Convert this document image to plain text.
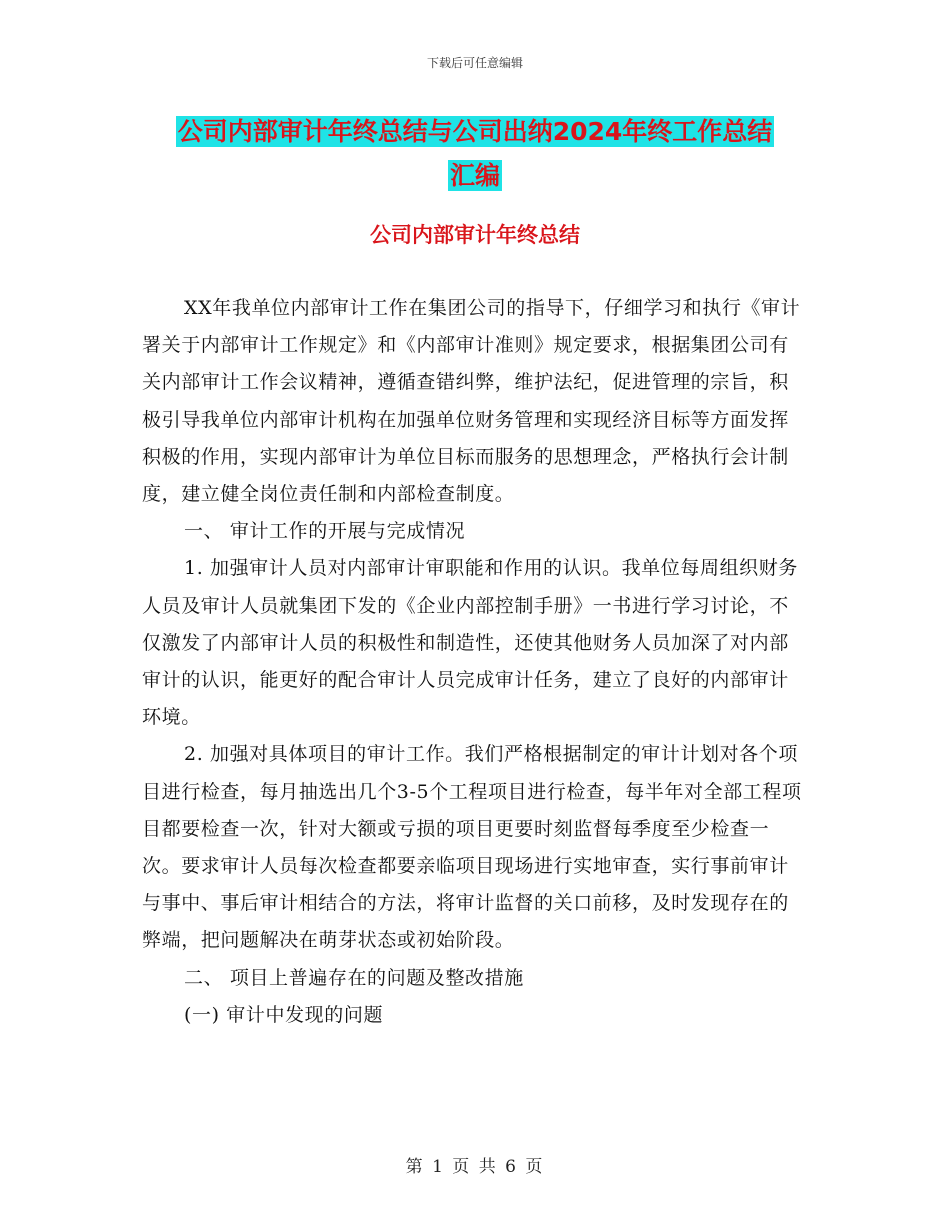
下载后可任意编辑
公司内部审计年终总结与公司出纳2024年终工作总结
汇编
公司内部审计年终总结

XX年我单位内部审计工作在集团公司的指导下，仔细学习和执行《审计署关于内部审计工作规定》和《内部审计准则》规定要求，根据集团公司有关内部审计工作会议精神，遵循查错纠弊，维护法纪，促进管理的宗旨，积极引导我单位内部审计机构在加强单位财务管理和实现经济目标等方面发挥积极的作用，实现内部审计为单位目标而服务的思想理念，严格执行会计制度，建立健全岗位责任制和内部检查制度。

一、 审计工作的开展与完成情况

1. 加强审计人员对内部审计审职能和作用的认识。我单位每周组织财务人员及审计人员就集团下发的《企业内部控制手册》一书进行学习讨论，不仅激发了内部审计人员的积极性和制造性，还使其他财务人员加深了对内部审计的认识，能更好的配合审计人员完成审计任务，建立了良好的内部审计环境。

2. 加强对具体项目的审计工作。我们严格根据制定的审计计划对各个项目进行检查，每月抽选出几个3-5个工程项目进行检查，每半年对全部工程项目都要检查一次，针对大额或亏损的项目更要时刻监督每季度至少检查一次。要求审计人员每次检查都要亲临项目现场进行实地审查，实行事前审计与事中、事后审计相结合的方法，将审计监督的关口前移，及时发现存在的弊端，把问题解决在萌芽状态或初始阶段。

二、 项目上普遍存在的问题及整改措施

(一) 审计中发现的问题

第 1 页 共 6 页
